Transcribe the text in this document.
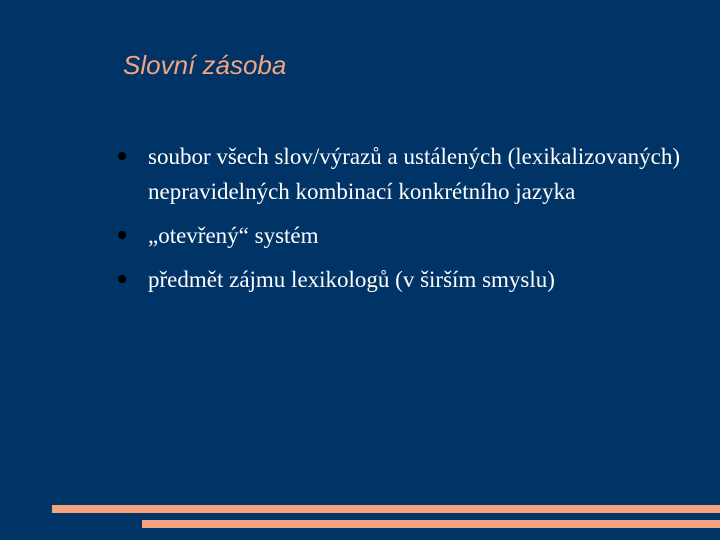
Slovní zásoba
soubor všech slov/výrazů a ustálených (lexikalizovaných) nepravidelných kombinací konkrétního jazyka
„otevřený“ systém
předmět zájmu lexikologů (v širším smyslu)
